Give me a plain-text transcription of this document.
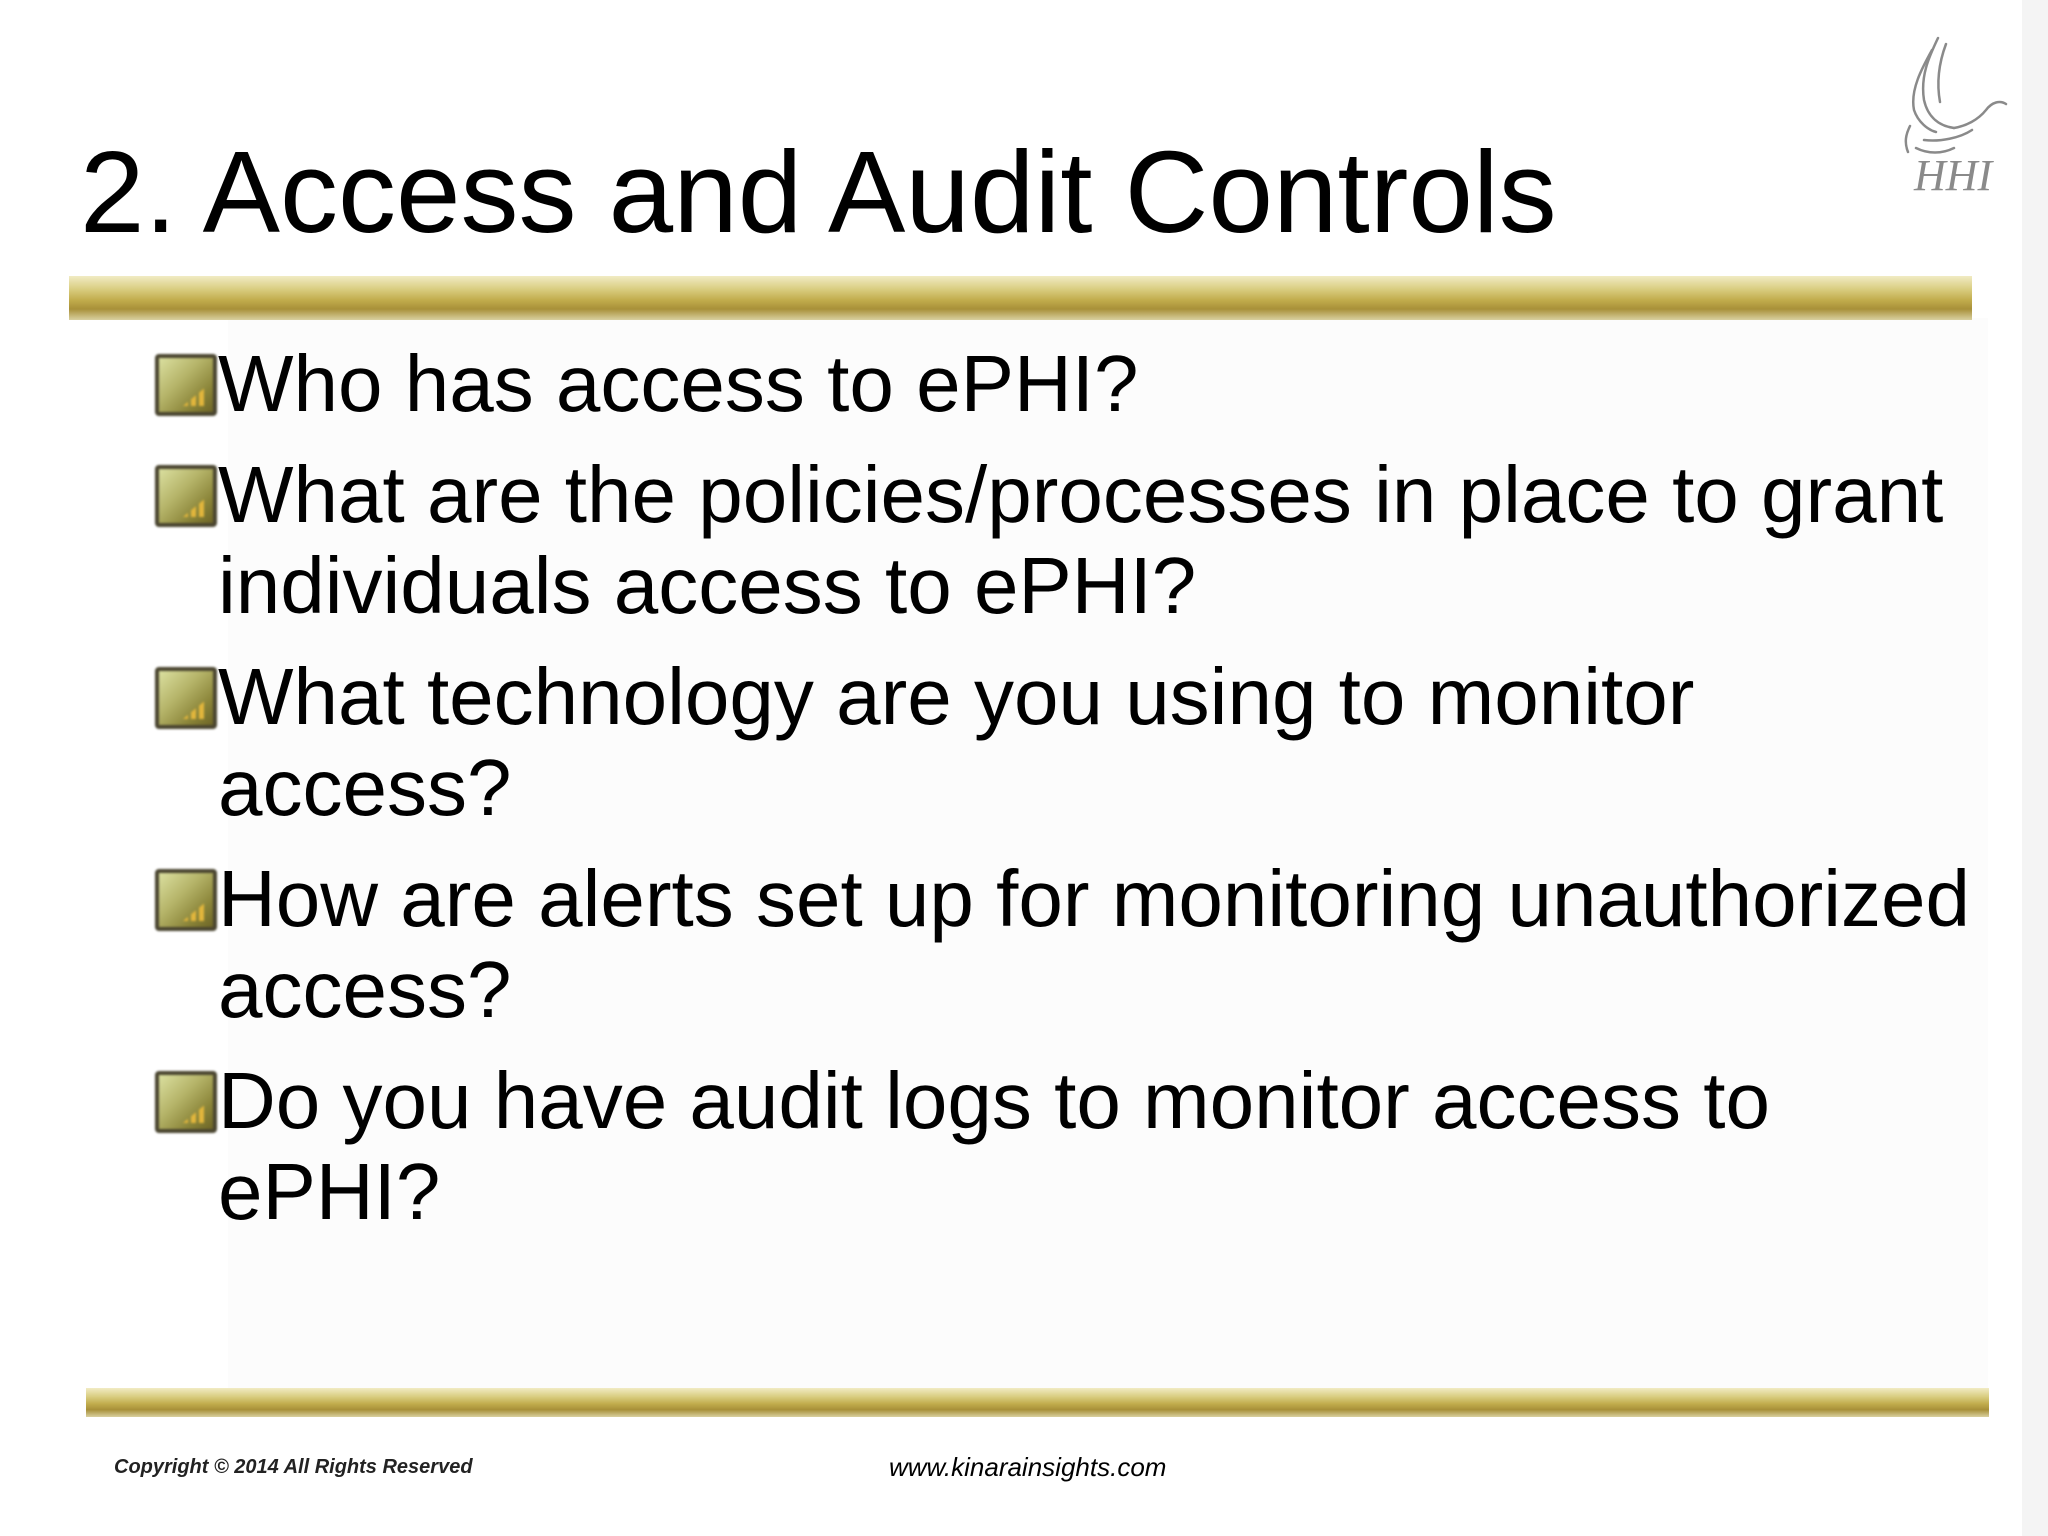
2. Access and Audit Controls	HHI
Who has access to ePHI?
What are the policies/processes in place to grant individuals access to ePHI?
What technology are you using to monitor access?
How are alerts set up for monitoring unauthorized access?
Do you have audit logs to monitor access to ePHI?
Copyright © 2014 All Rights Reserved	www.kinarainsights.com
